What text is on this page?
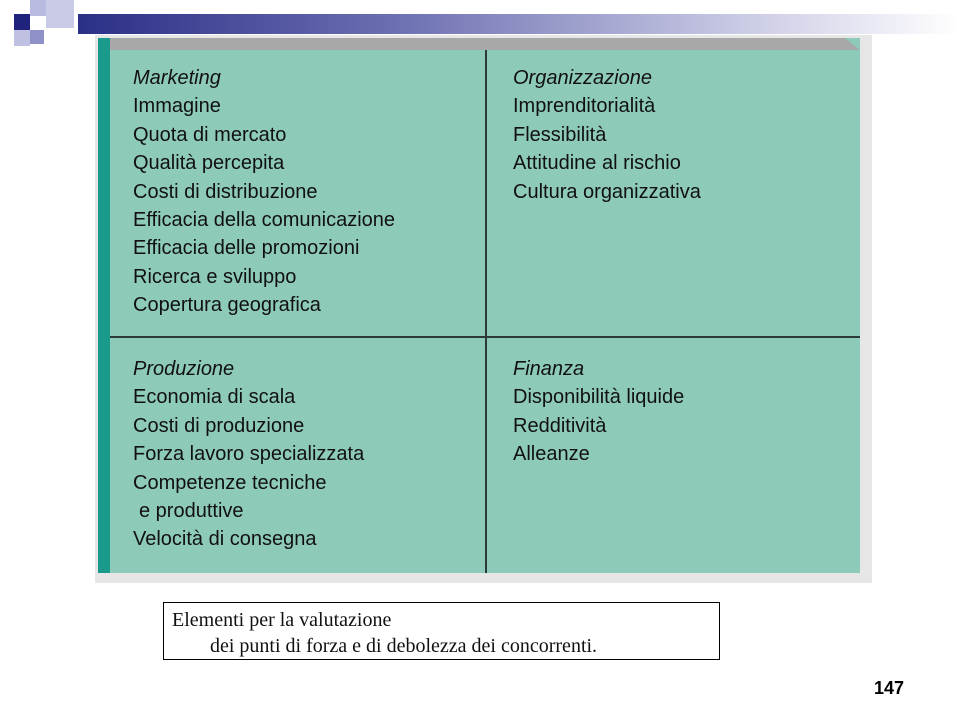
Marketing
Immagine
Quota di mercato
Qualità percepita
Costi di distribuzione
Efficacia della comunicazione
Efficacia delle promozioni
Ricerca e sviluppo
Copertura geografica
Organizzazione
Imprenditorialità
Flessibilità
Attitudine al rischio
Cultura organizzativa
Produzione
Economia di scala
Costi di produzione
Forza lavoro specializzata
Competenze tecniche
e produttive
Velocità di consegna
Finanza
Disponibilità liquide
Redditività
Alleanze
Elementi per la valutazione
dei punti di forza e di debolezza dei concorrenti.
147
